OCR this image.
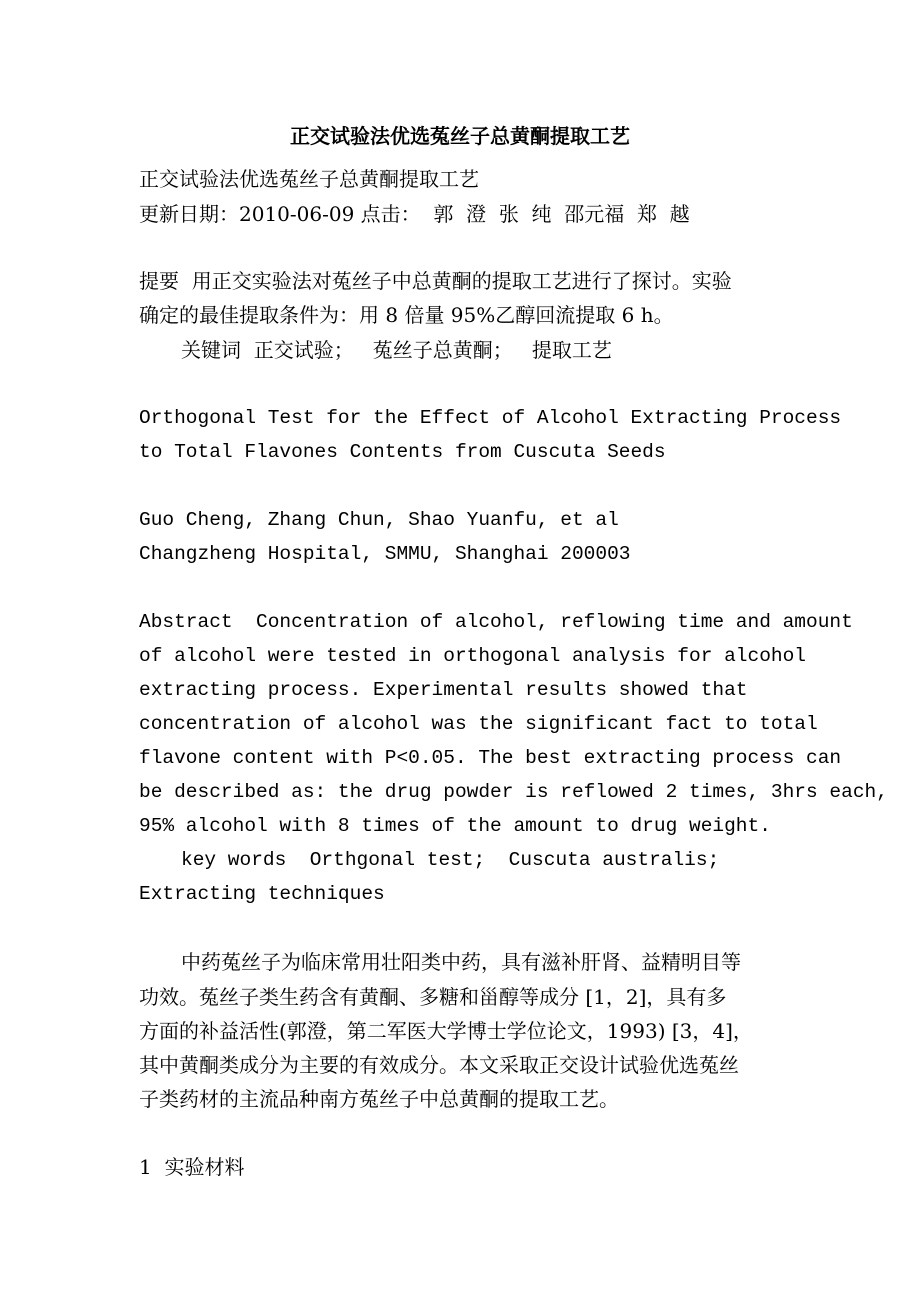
正交试验法优选菟丝子总黄酮提取工艺
正交试验法优选菟丝子总黄酮提取工艺
更新日期：2010-06-09 点击：  郭  澄  张  纯  邵元福  郑  越
提要  用正交实验法对菟丝子中总黄酮的提取工艺进行了探讨。实验
确定的最佳提取条件为：用 8 倍量 95%乙醇回流提取 6 h。
关键词  正交试验；   菟丝子总黄酮；   提取工艺
Orthogonal Test for the Effect of Alcohol Extracting Process
to Total Flavones Contents from Cuscuta Seeds
Guo Cheng, Zhang Chun, Shao Yuanfu, et al
Changzheng Hospital, SMMU, Shanghai 200003
Abstract  Concentration of alcohol, reflowing time and amount
of alcohol were tested in orthogonal analysis for alcohol
extracting process. Experimental results showed that
concentration of alcohol was the significant fact to total
flavone content with P<0.05. The best extracting process can
be described as: the drug powder is reflowed 2 times, 3hrs each,
95% alcohol with 8 times of the amount to drug weight.
key words  Orthgonal test;  Cuscuta australis;
Extracting techniques
中药菟丝子为临床常用壮阳类中药，具有滋补肝肾、益精明目等
功效。菟丝子类生药含有黄酮、多糖和甾醇等成分 [1，2]，具有多
方面的补益活性(郭澄，第二军医大学博士学位论文，1993) [3，4]，
其中黄酮类成分为主要的有效成分。本文采取正交设计试验优选菟丝
子类药材的主流品种南方菟丝子中总黄酮的提取工艺。
1  实验材料
